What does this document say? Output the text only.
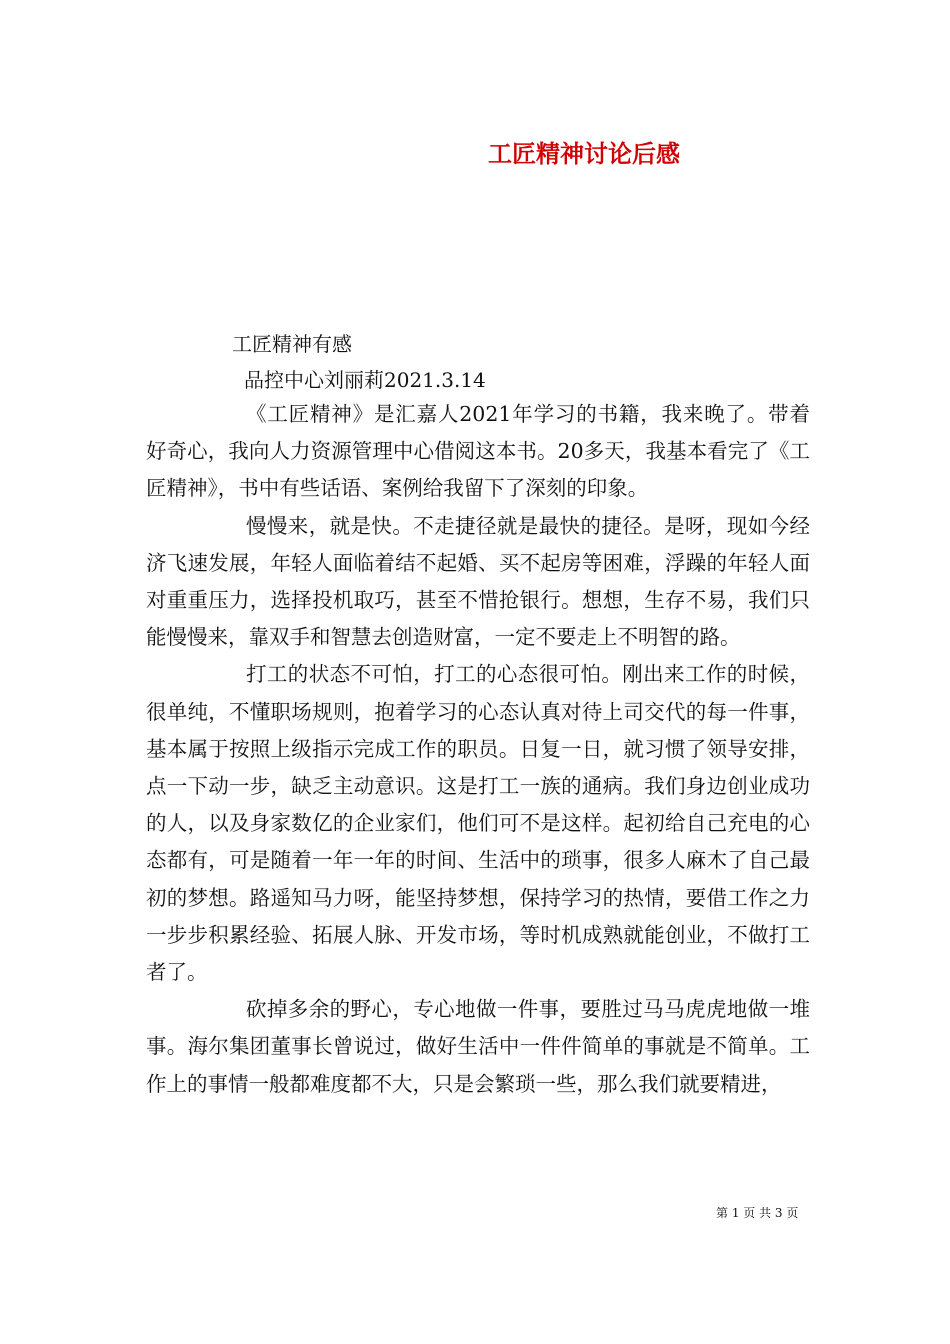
工匠精神讨论后感
工匠精神有感
品控中心刘丽莉2021.3.14

《工匠精神》是汇嘉人2021年学习的书籍，我来晚了。带着好奇心，我向人力资源管理中心借阅这本书。20多天，我基本看完了《工匠精神》，书中有些话语、案例给我留下了深刻的印象。

慢慢来，就是快。不走捷径就是最快的捷径。是呀，现如今经济飞速发展，年轻人面临着结不起婚、买不起房等困难，浮躁的年轻人面对重重压力，选择投机取巧，甚至不惜抢银行。想想，生存不易，我们只能慢慢来，靠双手和智慧去创造财富，一定不要走上不明智的路。

打工的状态不可怕，打工的心态很可怕。刚出来工作的时候，很单纯，不懂职场规则，抱着学习的心态认真对待上司交代的每一件事，基本属于按照上级指示完成工作的职员。日复一日，就习惯了领导安排，点一下动一步，缺乏主动意识。这是打工一族的通病。我们身边创业成功的人，以及身家数亿的企业家们，他们可不是这样。起初给自己充电的心态都有，可是随着一年一年的时间、生活中的琐事，很多人麻木了自己最初的梦想。路遥知马力呀，能坚持梦想，保持学习的热情，要借工作之力一步步积累经验、拓展人脉、开发市场，等时机成熟就能创业，不做打工者了。

砍掉多余的野心，专心地做一件事，要胜过马马虎虎地做一堆事。海尔集团董事长曾说过，做好生活中一件件简单的事就是不简单。工作上的事情一般都难度都不大，只是会繁琐一些，那么我们就要精进，

第 1 页 共 3 页
